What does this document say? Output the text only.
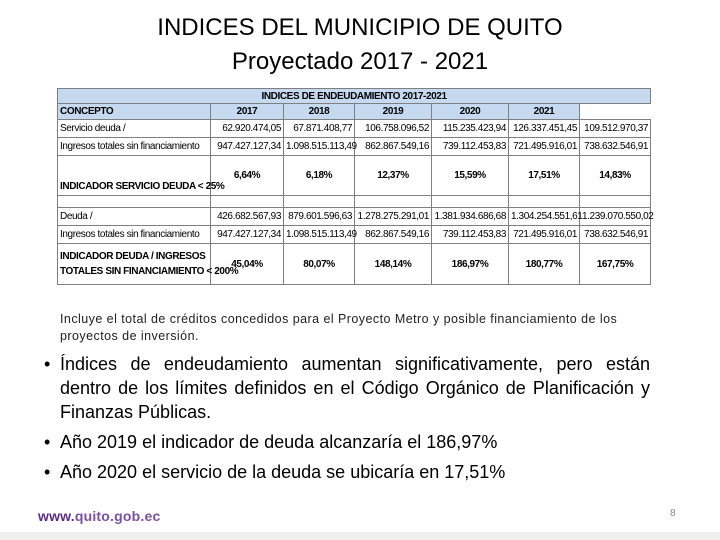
INDICES DEL MUNICIPIO DE QUITO
Proyectado 2017 - 2021
INDICES DE ENDEUDAMIENTO 2017-2021						
CONCEPTO	2017	2018	2019	2020	2021
Servicio deuda /	62.920.474,05	67.871.408,77	106.758.096,52	115.235.423,94	126.337.451,45	109.512.970,37
Ingresos totales sin financiamiento	947.427.127,34	1.098.515.113,49	862.867.549,16	739.112.453,83	721.495.916,01	738.632.546,91
INDICADOR SERVICIO DEUDA < 25%	6,64%	6,18%	12,37%	15,59%	17,51%	14,83%

Deuda /	426.682.567,93	879.601.596,63	1.278.275.291,01	1.381.934.686,68	1.304.254.551,61	1.239.070.550,02
Ingresos totales sin financiamiento	947.427.127,34	1.098.515.113,49	862.867.549,16	739.112.453,83	721.495.916,01	738.632.546,91

INDICADOR DEUDA / INGRESOS
TOTALES SIN FINANCIAMIENTO < 200%	45,04%	80,07%	148,14%	186,97%	180,77%	167,75%
Incluye el total de créditos concedidos para el Proyecto Metro y posible financiamiento de los proyectos de inversión.
• Índices de endeudamiento aumentan significativamente, pero están dentro de los límites definidos en el Código Orgánico de Planificación y Finanzas Públicas.
• Año 2019 el indicador de deuda alcanzaría el 186,97%
• Año 2020 el servicio de la deuda se ubicaría en 17,51%
www.quito.gob.ec	8
